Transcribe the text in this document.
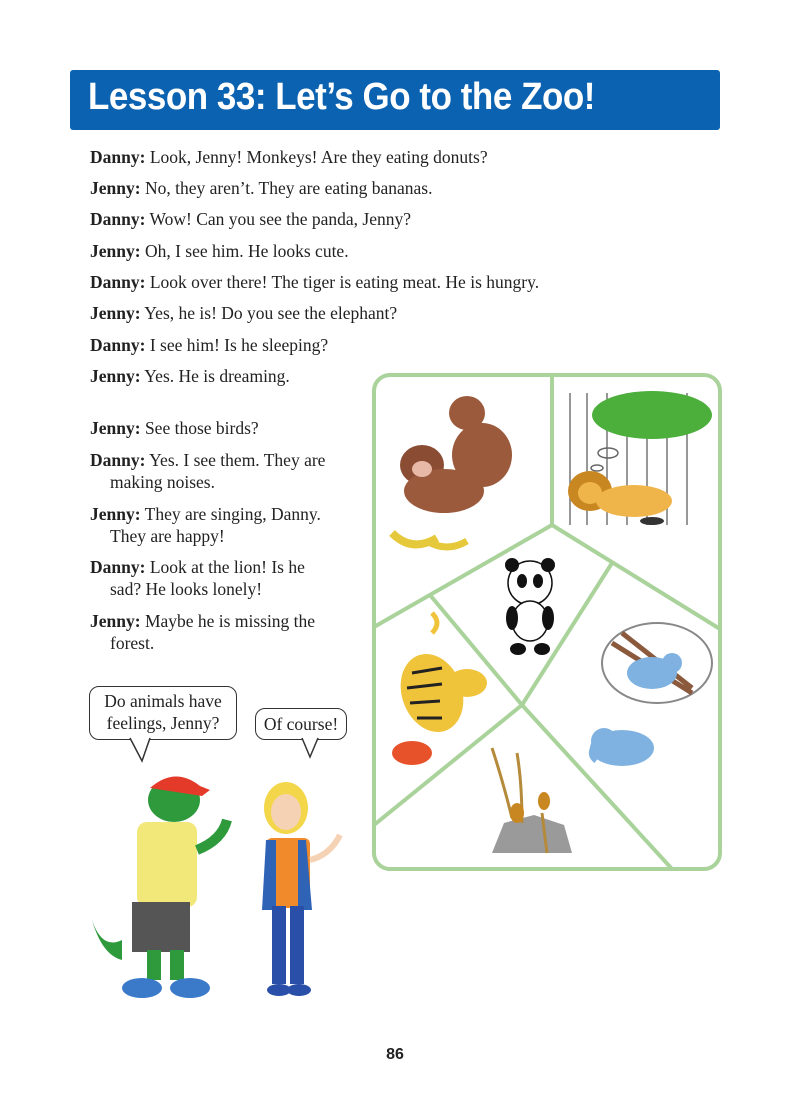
Lesson 33: Let’s Go to the Zoo!
Danny: Look, Jenny! Monkeys! Are they eating donuts?
Jenny: No, they aren’t. They are eating bananas.
Danny: Wow! Can you see the panda, Jenny?
Jenny: Oh, I see him. He looks cute.
Danny: Look over there! The tiger is eating meat. He is hungry.
Jenny: Yes, he is! Do you see the elephant?
Danny: I see him! Is he sleeping?
Jenny: Yes. He is dreaming.
Jenny: See those birds?
Danny: Yes. I see them. They are
making noises.
Jenny: They are singing, Danny.
They are happy!
Danny: Look at the lion! Is he
sad? He looks lonely!
Jenny: Maybe he is missing the
forest.
Do animals have
feelings, Jenny?	Of course!
86
